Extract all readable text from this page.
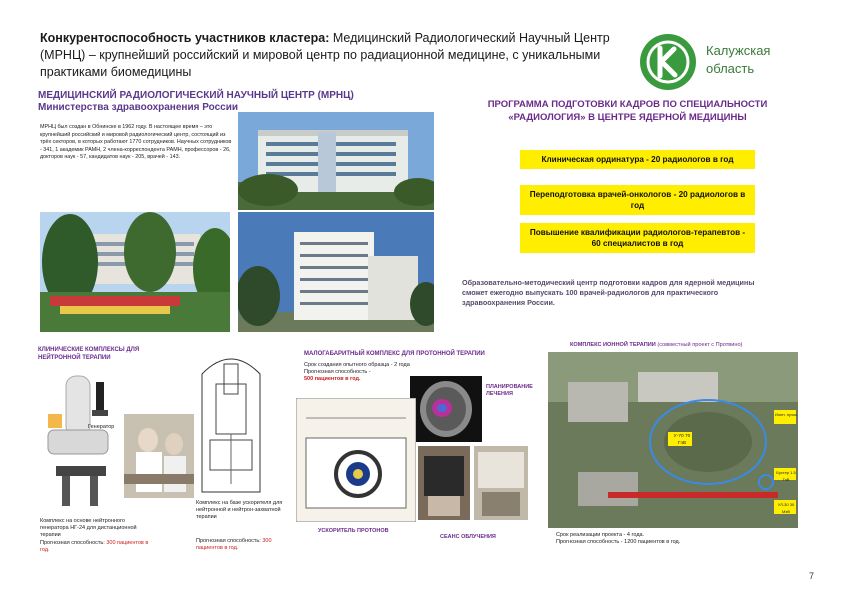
Конкурентоспособность участников кластера: Медицинский Радиологический Научный Центр (МРНЦ) – крупнейший российский и мировой центр по радиационной медицине, с уникальными практиками биомедицины
Калужская область
МЕДИЦИНСКИЙ РАДИОЛОГИЧЕСКИЙ НАУЧНЫЙ ЦЕНТР (МРНЦ)
Министерства здравоохранения России
МРНЦ был создан в Обнинске в 1962 году. В настоящее время – это крупнейший российский и мировой радиологический центр, состоящий из трёх секторов, в которых работают 1770 сотрудников. Научных сотрудников - 341, 1 академик РАМН, 2 члена-корреспондента РАМН, профессоров - 26, докторов наук - 57, кандидатов наук - 205, врачей - 143.
ПРОГРАММА ПОДГОТОВКИ КАДРОВ ПО СПЕЦИАЛЬНОСТИ «РАДИОЛОГИЯ» В ЦЕНТРЕ ЯДЕРНОЙ МЕДИЦИНЫ
Клиническая ординатура - 20 радиологов в год
Переподготовка врачей-онкологов - 20 радиологов в год
Повышение квалификации радиологов-терапевтов - 60 специалистов в год
Образовательно-методический центр подготовки кадров для ядерной медицины сможет ежегодно выпускать 100 врачей-радиологов для практического здравоохранения России.
КЛИНИЧЕСКИЕ КОМПЛЕКСЫ ДЛЯ НЕЙТРОННОЙ ТЕРАПИИ
Генератор
Комплекс на основе нейтронного генератора НГ-24 для дистанционной терапии
Прогнозная способность: 300 пациентов в год.
Комплекс на базе ускорителя для нейтронной и нейтрон-захватной терапии
Прогнозная способность: 300 пациентов в год.
МАЛОГАБАРИТНЫЙ КОМПЛЕКС ДЛЯ ПРОТОННОЙ ТЕРАПИИ
Срок создания опытного образца - 2 года
Прогнозная способность -
500 пациентов в год.
ПЛАНИРОВАНИЕ ЛЕЧЕНИЯ
УСКОРИТЕЛЬ ПРОТОНОВ
СЕАНС ОБЛУЧЕНИЯ
КОМПЛЕКС ИОННОЙ ТЕРАПИИ (совместный проект с Протвино)
У-70 70 ГэВ
Ионн. пучок
Бустер 1.5 ГэВ
УЛ-30 30 МэВ
Срок реализации проекта - 4 года.
Прогнозная способность - 1200 пациентов в год.
7
